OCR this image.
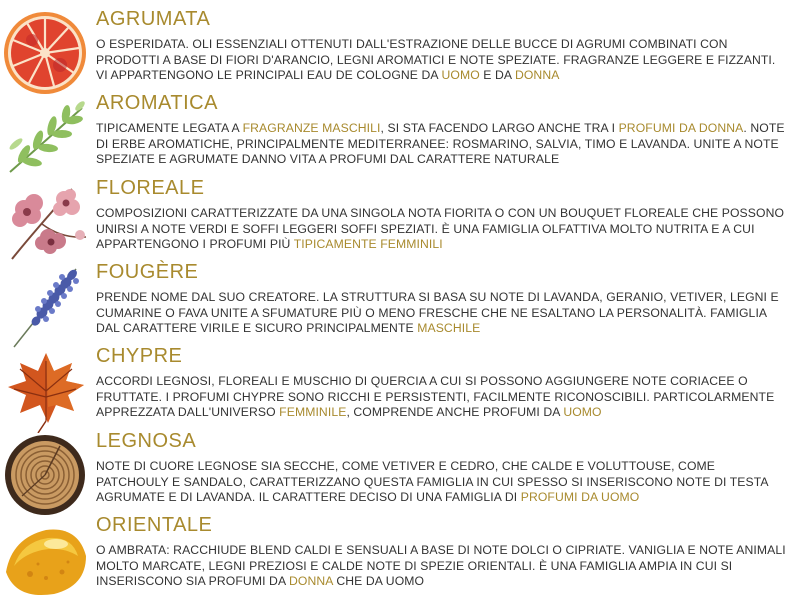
AGRUMATA

O ESPERIDATA. OLI ESSENZIALI OTTENUTI DALL'ESTRAZIONE DELLE BUCCE DI AGRUMI COMBINATI CON PRODOTTI A BASE DI FIORI D'ARANCIO, LEGNI AROMATICI E NOTE SPEZIATE. FRAGRANZE LEGGERE E FIZZANTI. VI APPARTENGONO LE PRINCIPALI EAU DE COLOGNE DA UOMO E DA DONNA

AROMATICA

TIPICAMENTE LEGATA A FRAGRANZE MASCHILI, SI STA FACENDO LARGO ANCHE TRA I PROFUMI DA DONNA. NOTE DI ERBE AROMATICHE, PRINCIPALMENTE MEDITERRANEE: ROSMARINO, SALVIA, TIMO E LAVANDA. UNITE A NOTE SPEZIATE E AGRUMATE DANNO VITA A PROFUMI DAL CARATTERE NATURALE

FLOREALE

COMPOSIZIONI CARATTERIZZATE DA UNA SINGOLA NOTA FIORITA O CON UN BOUQUET FLOREALE CHE POSSONO UNIRSI A NOTE VERDI E SOFFI LEGGERI SOFFI SPEZIATI. È UNA FAMIGLIA OLFATTIVA MOLTO NUTRITA E A CUI APPARTENGONO I PROFUMI PIÙ TIPICAMENTE FEMMINILI

FOUGÈRE

PRENDE NOME DAL SUO CREATORE. LA STRUTTURA SI BASA SU NOTE DI LAVANDA, GERANIO, VETIVER, LEGNI E CUMARINE O FAVA UNITE A SFUMATURE PIÙ O MENO FRESCHE CHE NE ESALTANO LA PERSONALITÀ. FAMIGLIA DAL CARATTERE VIRILE E SICURO PRINCIPALMENTE MASCHILE

CHYPRE

ACCORDI LEGNOSI, FLOREALI E MUSCHIO DI QUERCIA A CUI SI POSSONO AGGIUNGERE NOTE CORIACEE O FRUTTATE. I PROFUMI CHYPRE SONO RICCHI E PERSISTENTI, FACILMENTE RICONOSCIBILI. PARTICOLARMENTE APPREZZATA DALL'UNIVERSO FEMMINILE, COMPRENDE ANCHE PROFUMI DA UOMO

LEGNOSA

NOTE DI CUORE LEGNOSE SIA SECCHE, COME VETIVER E CEDRO, CHE CALDE E VOLUTTOUSE, COME PATCHOULY E SANDALO, CARATTERIZZANO QUESTA FAMIGLIA IN CUI SPESSO SI INSERISCONO NOTE DI TESTA AGRUMATE E DI LAVANDA. IL CARATTERE DECISO DI UNA FAMIGLIA DI PROFUMI DA UOMO

ORIENTALE

O AMBRATA: RACCHIUDE BLEND CALDI E SENSUALI A BASE DI NOTE DOLCI O CIPRIATE. VANIGLIA E NOTE ANIMALI MOLTO MARCATE, LEGNI PREZIOSI E CALDE NOTE DI SPEZIE ORIENTALI. È UNA FAMIGLIA AMPIA IN CUI SI INSERISCONO SIA PROFUMI DA DONNA CHE DA UOMO
